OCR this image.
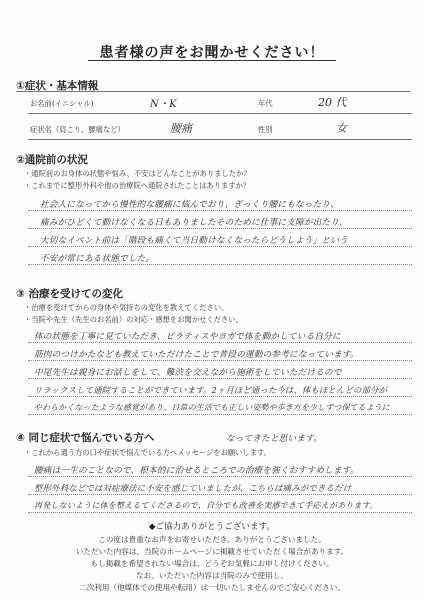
患者様の声をお聞かせください！
①症状・基本情報
お名前(イニシャル)	N・K	年代	20 代
症状名（肩こり、腰痛など）	腰痛	性別	女
②通院前の状況
・通院前のお身体の状態や悩み、不安はどんなことがありましたか？
・これまでに整形外科や他の治療院へ通院されたことはありますか？
社会人になってから慢性的な腰痛に悩んでおり、ぎっくり腰にもなったり、
痛みがひどくて動けなくなる日もありましたそのために仕事に支障が出たり、
大切なイベント前は「階段も痛くて当日動けなくなったらどうしよう」という
不安が常にある状態でした。
③ 治療を受けての変化
・治療を受けてからの身体や気持ちの変化を教えてください。
・当院や先生（先生のお名前）の対応・感想をお聞かせください。
体の状態を丁寧に見ていただき、ピラティスやヨガで体を動かしている自分に
筋肉のつけかたなども教えていただけたことで普段の運動の参考になっています。
中尾先生は親身にお話しをして、難渋を交えながら施術をしていただけるので
リラックスして通院することができています。2ヶ月ほど通った今は、体もほとんどの部分が
やわらかくなったような感覚があり、日常の生活でも正しい姿勢や歩き方を少しずつ保てるように
④ 同じ症状で悩んでいる方へ	なってきたと思います。
・これから通う方の口や症状で悩んでいる方へメッセージをお願いします。
腰痛は一生のことなので、根本的に治せるところでの治療を強くおすすめします。
整形外科などでは対症療法に不安を感じていましたが、こちらは痛みができるだけ
再発しないように体を整えるてくださるので、自分でも改善を実感できて手応えがあります。
◆ご協力ありがとうございます。
この度は貴重なお声をお寄せいただき、ありがとうございました。
いただいた内容は、当院のホームページに掲載させていただく場合があります。
もし掲載を希望されない場合は、どうぞお気軽にお申し付けください。
なお、いただいた内容は当院のみで使用し、
二次利用（他媒体での使用や転用）は一切いたしませんのでご安心ください。
